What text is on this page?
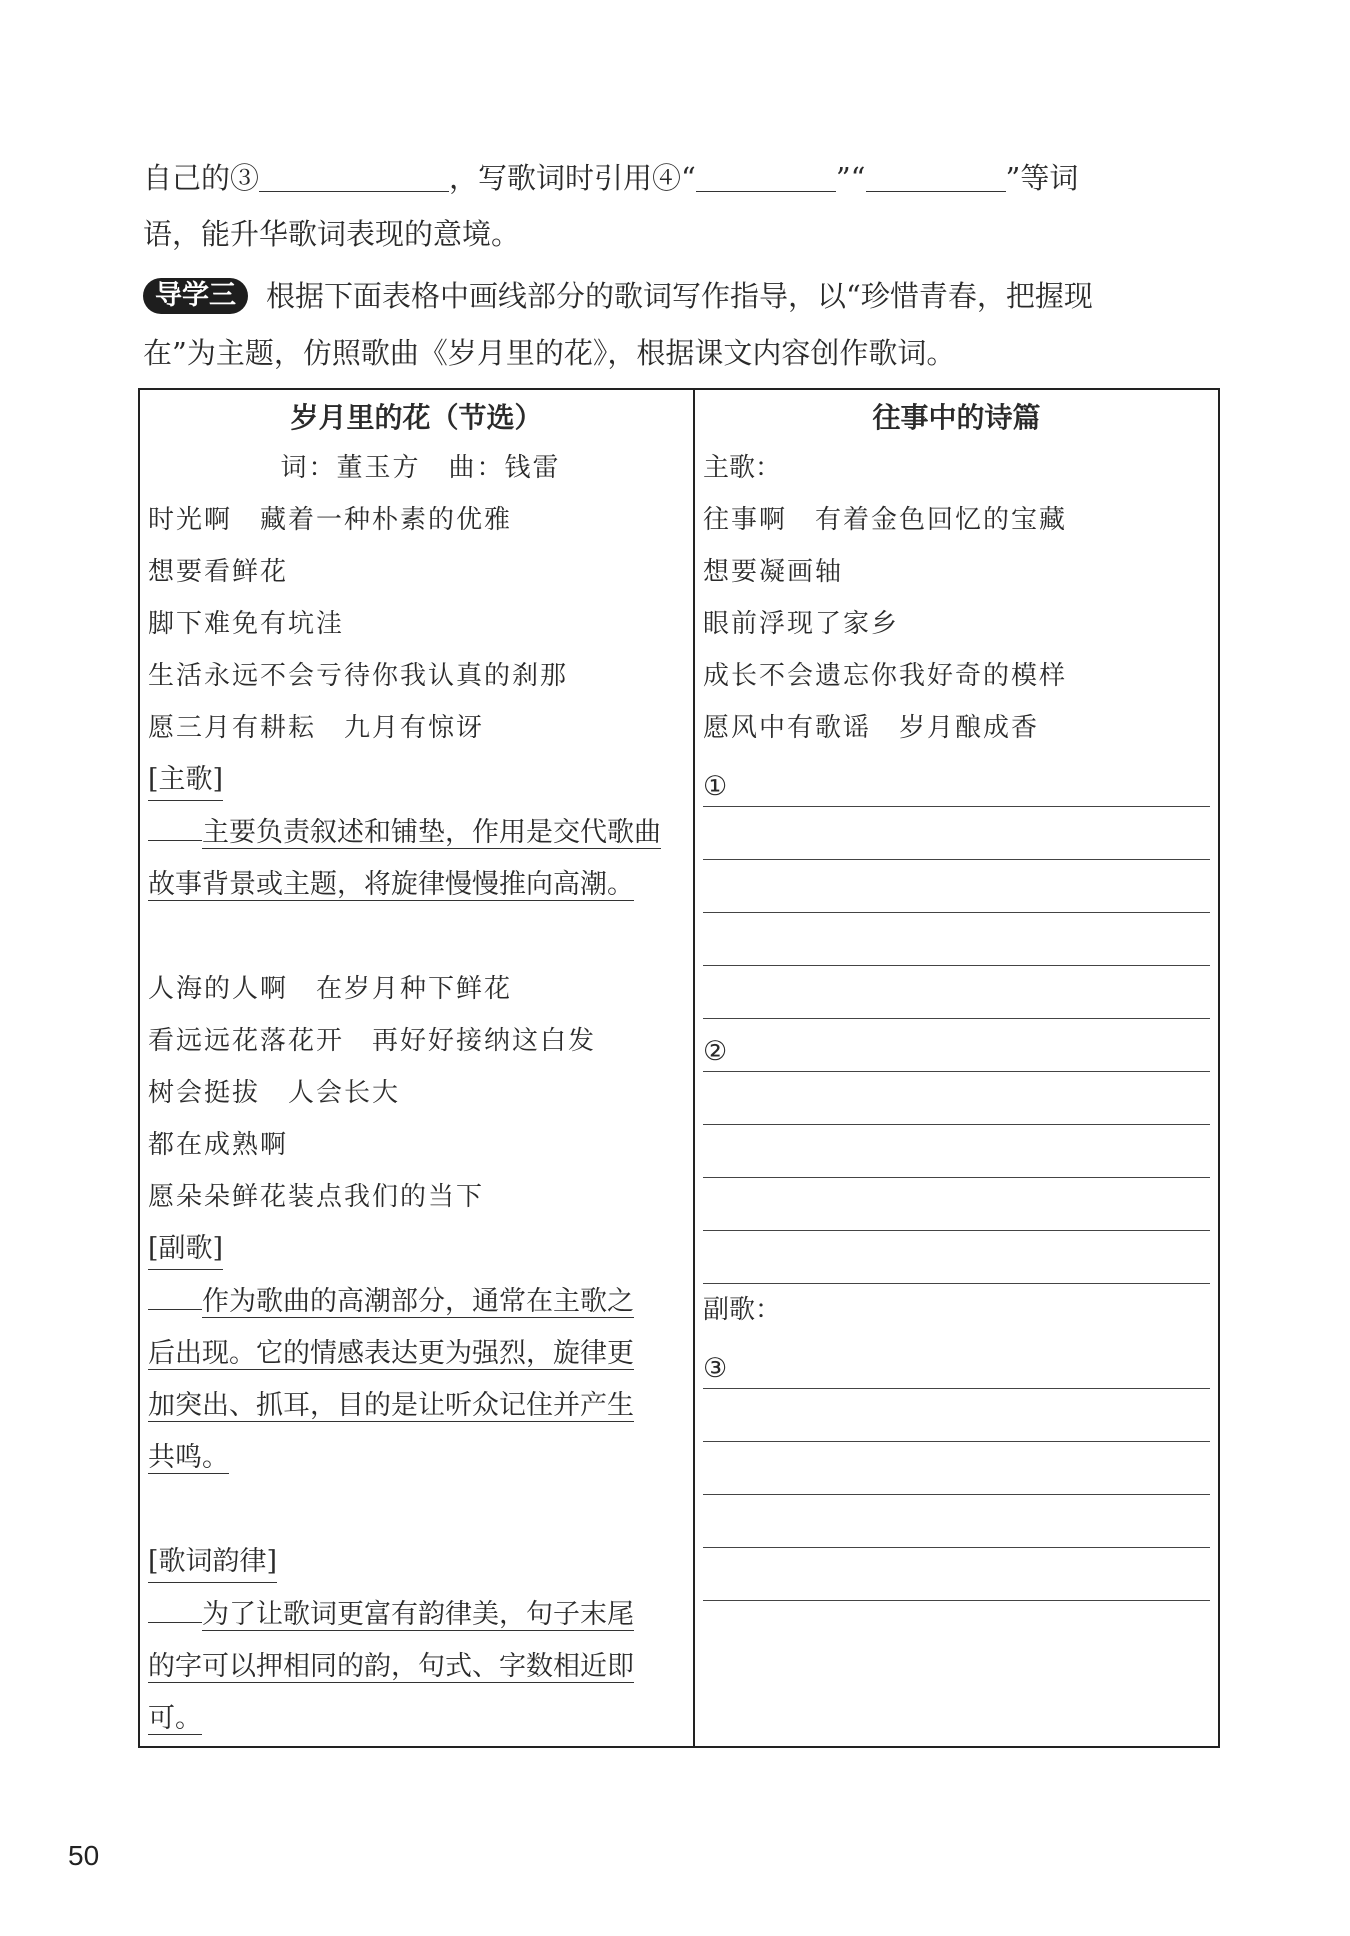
自己的③	，写歌词时引用④“	”“	”等词
语，能升华歌词表现的意境。
导学三 根据下面表格中画线部分的歌词写作指导，以“珍惜青春，把握现
在”为主题，仿照歌曲《岁月里的花》，根据课文内容创作歌词。
岁月里的花（节选）
词：董玉方　曲：钱雷
时光啊　藏着一种朴素的优雅
想要看鲜花
脚下难免有坑洼
生活永远不会亏待你我认真的刹那
愿三月有耕耘　九月有惊讶
[主歌]
主要负责叙述和铺垫，作用是交代歌曲
故事背景或主题，将旋律慢慢推向高潮。
人海的人啊　在岁月种下鲜花
看远远花落花开　再好好接纳这白发
树会挺拔　人会长大
都在成熟啊
愿朵朵鲜花装点我们的当下
[副歌]
作为歌曲的高潮部分，通常在主歌之
后出现。它的情感表达更为强烈，旋律更
加突出、抓耳，目的是让听众记住并产生
共鸣。
[歌词韵律]
为了让歌词更富有韵律美，句子末尾
的字可以押相同的韵，句式、字数相近即
可。

往事中的诗篇
主歌：
往事啊　有着金色回忆的宝藏
想要凝画轴
眼前浮现了家乡
成长不会遗忘你我好奇的模样
愿风中有歌谣　岁月酿成香
①
②
副歌：
③
50
